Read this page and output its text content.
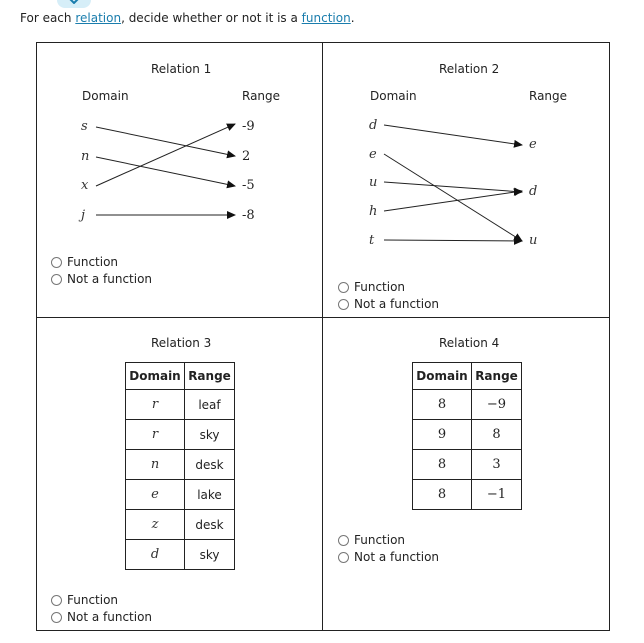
For each relation, decide whether or not it is a function.
Relation 1
Domain	Range
s
n
x
j
-9
2
-5
-8
Function
Not a function
Relation 2
Domain	Range
d
e
u
h
t
e
d
u
Function
Not a function
Relation 3
Domain	Range
r	leaf
r	sky
n	desk
e	lake
z	desk
d	sky
Function
Not a function
Relation 4
Domain	Range
8	−9
9	8
8	3
8	−1
Function
Not a function
